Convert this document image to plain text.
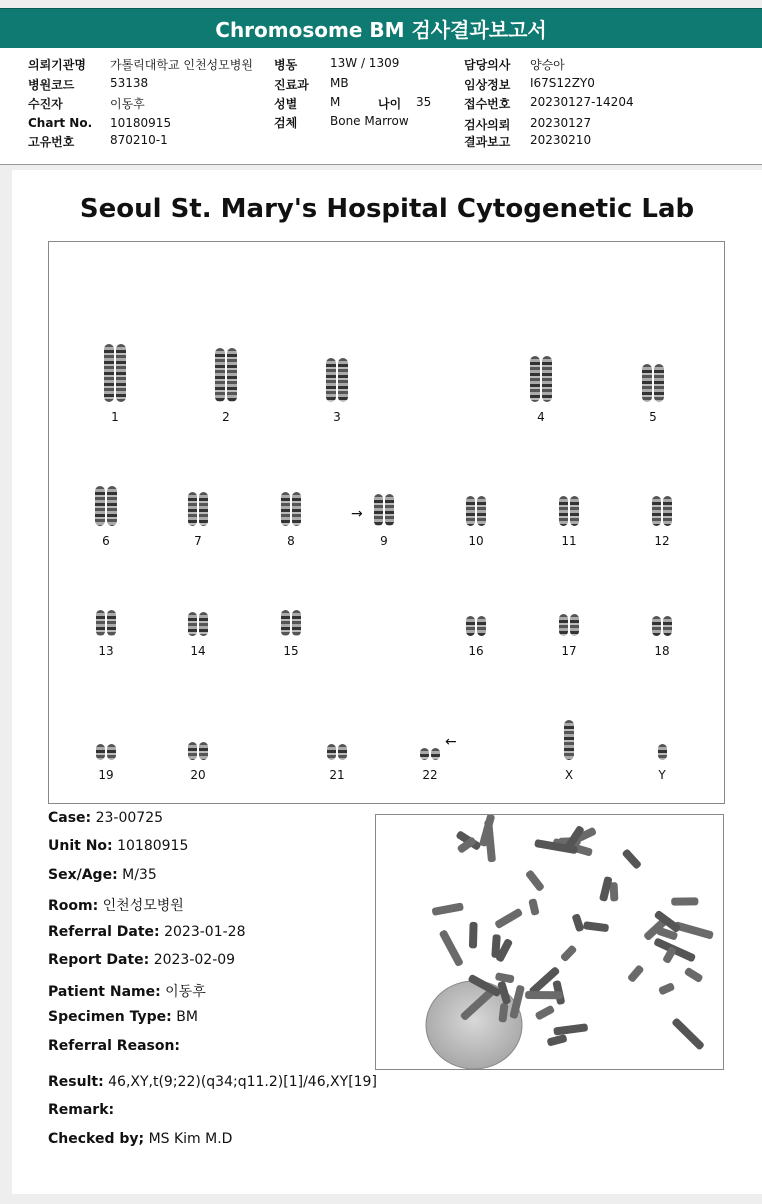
Chromosome BM 검사결과보고서
의뢰기관명 가톨릭대학교 인천성모병원
병원코드	53138
수진자	이동후
Chart No. 10180915
고유번호	870210-1
병동	13W / 1309
진료과 MB
성별	M	나이 35
검체	Bone Marrow
담당의사 양승아
임상정보 I67S12ZY0
접수번호 20230127-14204
검사의뢰 20230127
결과보고 20230210
Seoul St. Mary's Hospital Cytogenetic Lab
1	2	3	4	5
6	7	8	9	10	11	12
13	14	15	16	17	18
19	20	21	22	X	Y
→
←
Case: 23-00725
Unit No: 10180915
Sex/Age: M/35
Room: 인천성모병원
Referral Date: 2023-01-28
Report Date: 2023-02-09
Patient Name: 이동후
Specimen Type: BM
Referral Reason:
Result: 46,XY,t(9;22)(q34;q11.2)[1]/46,XY[19]
Remark:
Checked by; MS Kim M.D
